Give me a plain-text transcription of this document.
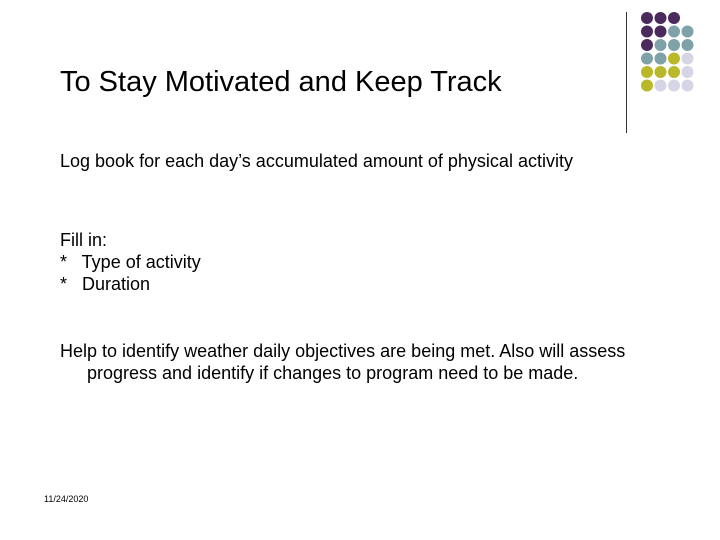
To Stay Motivated and Keep Track

Log book for each day’s accumulated amount of physical activity

Fill in:
*   Type of activity
*   Duration

Help to identify weather daily objectives are being met. Also will assess progress and identify if changes to program need to be made.

11/24/2020
